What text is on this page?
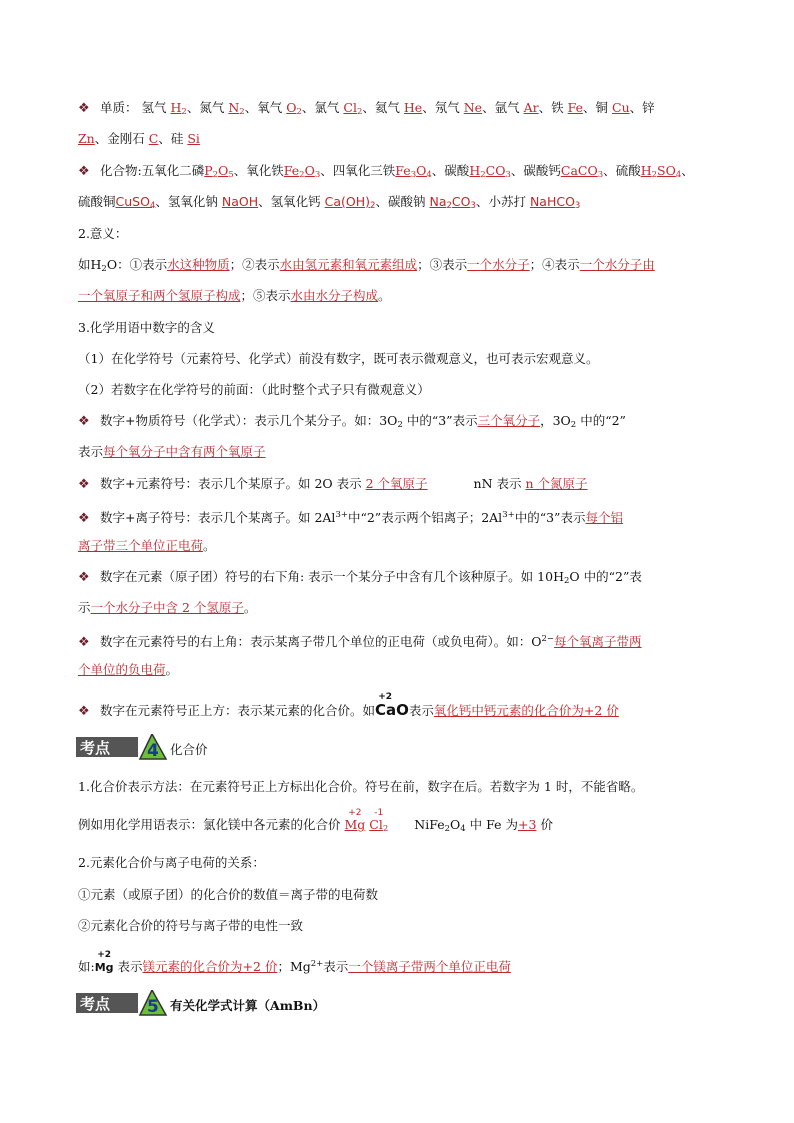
❖ 单质： 氢气 $H_2$、氮气 $N_2$、氧气 $O_2$、氯气 $Cl_2$、氦气 He、氖气 Ne、氩气 Ar、铁 Fe、铜 Cu、锌
Zn、金刚石 C、硅 Si
❖ 化合物:五氧化二磷$P_2O_5$、氧化铁$Fe_2O_3$、四氧化三铁$Fe_3O_4$、碳酸$H_2CO_3$、碳酸钙CaCO$_3$、硫酸$H_2SO_4$、
硫酸铜CuSO$_4$、氢氧化钠 NaOH、氢氧化钙 $Ca(OH)_2$、碳酸钠 $Na_2CO_3$、小苏打 NaHCO$_3$
2.意义：
如$H_2O$：①表示水这种物质；②表示水由氢元素和氧元素组成；③表示一个水分子；④表示一个水分子由
一个氧原子和两个氢原子构成；⑤表示水由水分子构成。
3.化学用语中数字的含义
（1）在化学符号（元素符号、化学式）前没有数字，既可表示微观意义，也可表示宏观意义。
（2）若数字在化学符号的前面：（此时整个式子只有微观意义）
❖ 数字+物质符号（化学式）：表示几个某分子。如：$3O_2$ 中的“3”表示三个氧分子，$3O_2$ 中的“2”
表示每个氧分子中含有两个氧原子
❖ 数字+元素符号：表示几个某原子。如 2O 表示 2 个氧原子	nN 表示 n 个氮原子
❖ 数字+离子符号：表示几个某离子。如 $2Al^{3+}$中“2”表示两个铝离子；$2Al^{3+}$中的“3”表示每个铝
离子带三个单位正电荷。
❖ 数字在元素（原子团）符号的右下角: 表示一个某分子中含有几个该种原子。如 $10H_2O$ 中的“2”表
示一个水分子中含 2 个氢原子。
❖ 数字在元素符号的右上角：表示某离子带几个单位的正电荷（或负电荷）。如：$O^{2-}$每个氧离子带两
个单位的负电荷。
❖ 数字在元素符号正上方：表示某元素的化合价。如
+2
CaO表示氧化钙中钙元素的化合价为+2 价
考点 4 化合价
1.化合价表示方法：在元素符号正上方标出化合价。符号在前，数字在后。若数字为 1 时，不能省略。
例如用化学用语表示：氯化镁中各元素的化合价
+2
Mg
-1
$Cl_2$ $NiFe_2O_4$ 中 Fe 为+3 价
2.元素化合价与离子电荷的关系：
①元素（或原子团）的化合价的数值＝离子带的电荷数
②元素化合价的符号与离子带的电性一致
如:
+2
Mg 表示镁元素的化合价为+2 价；$Mg^{2+}$表示一个镁离子带两个单位正电荷
考点 5 有关化学式计算（AmBn）
